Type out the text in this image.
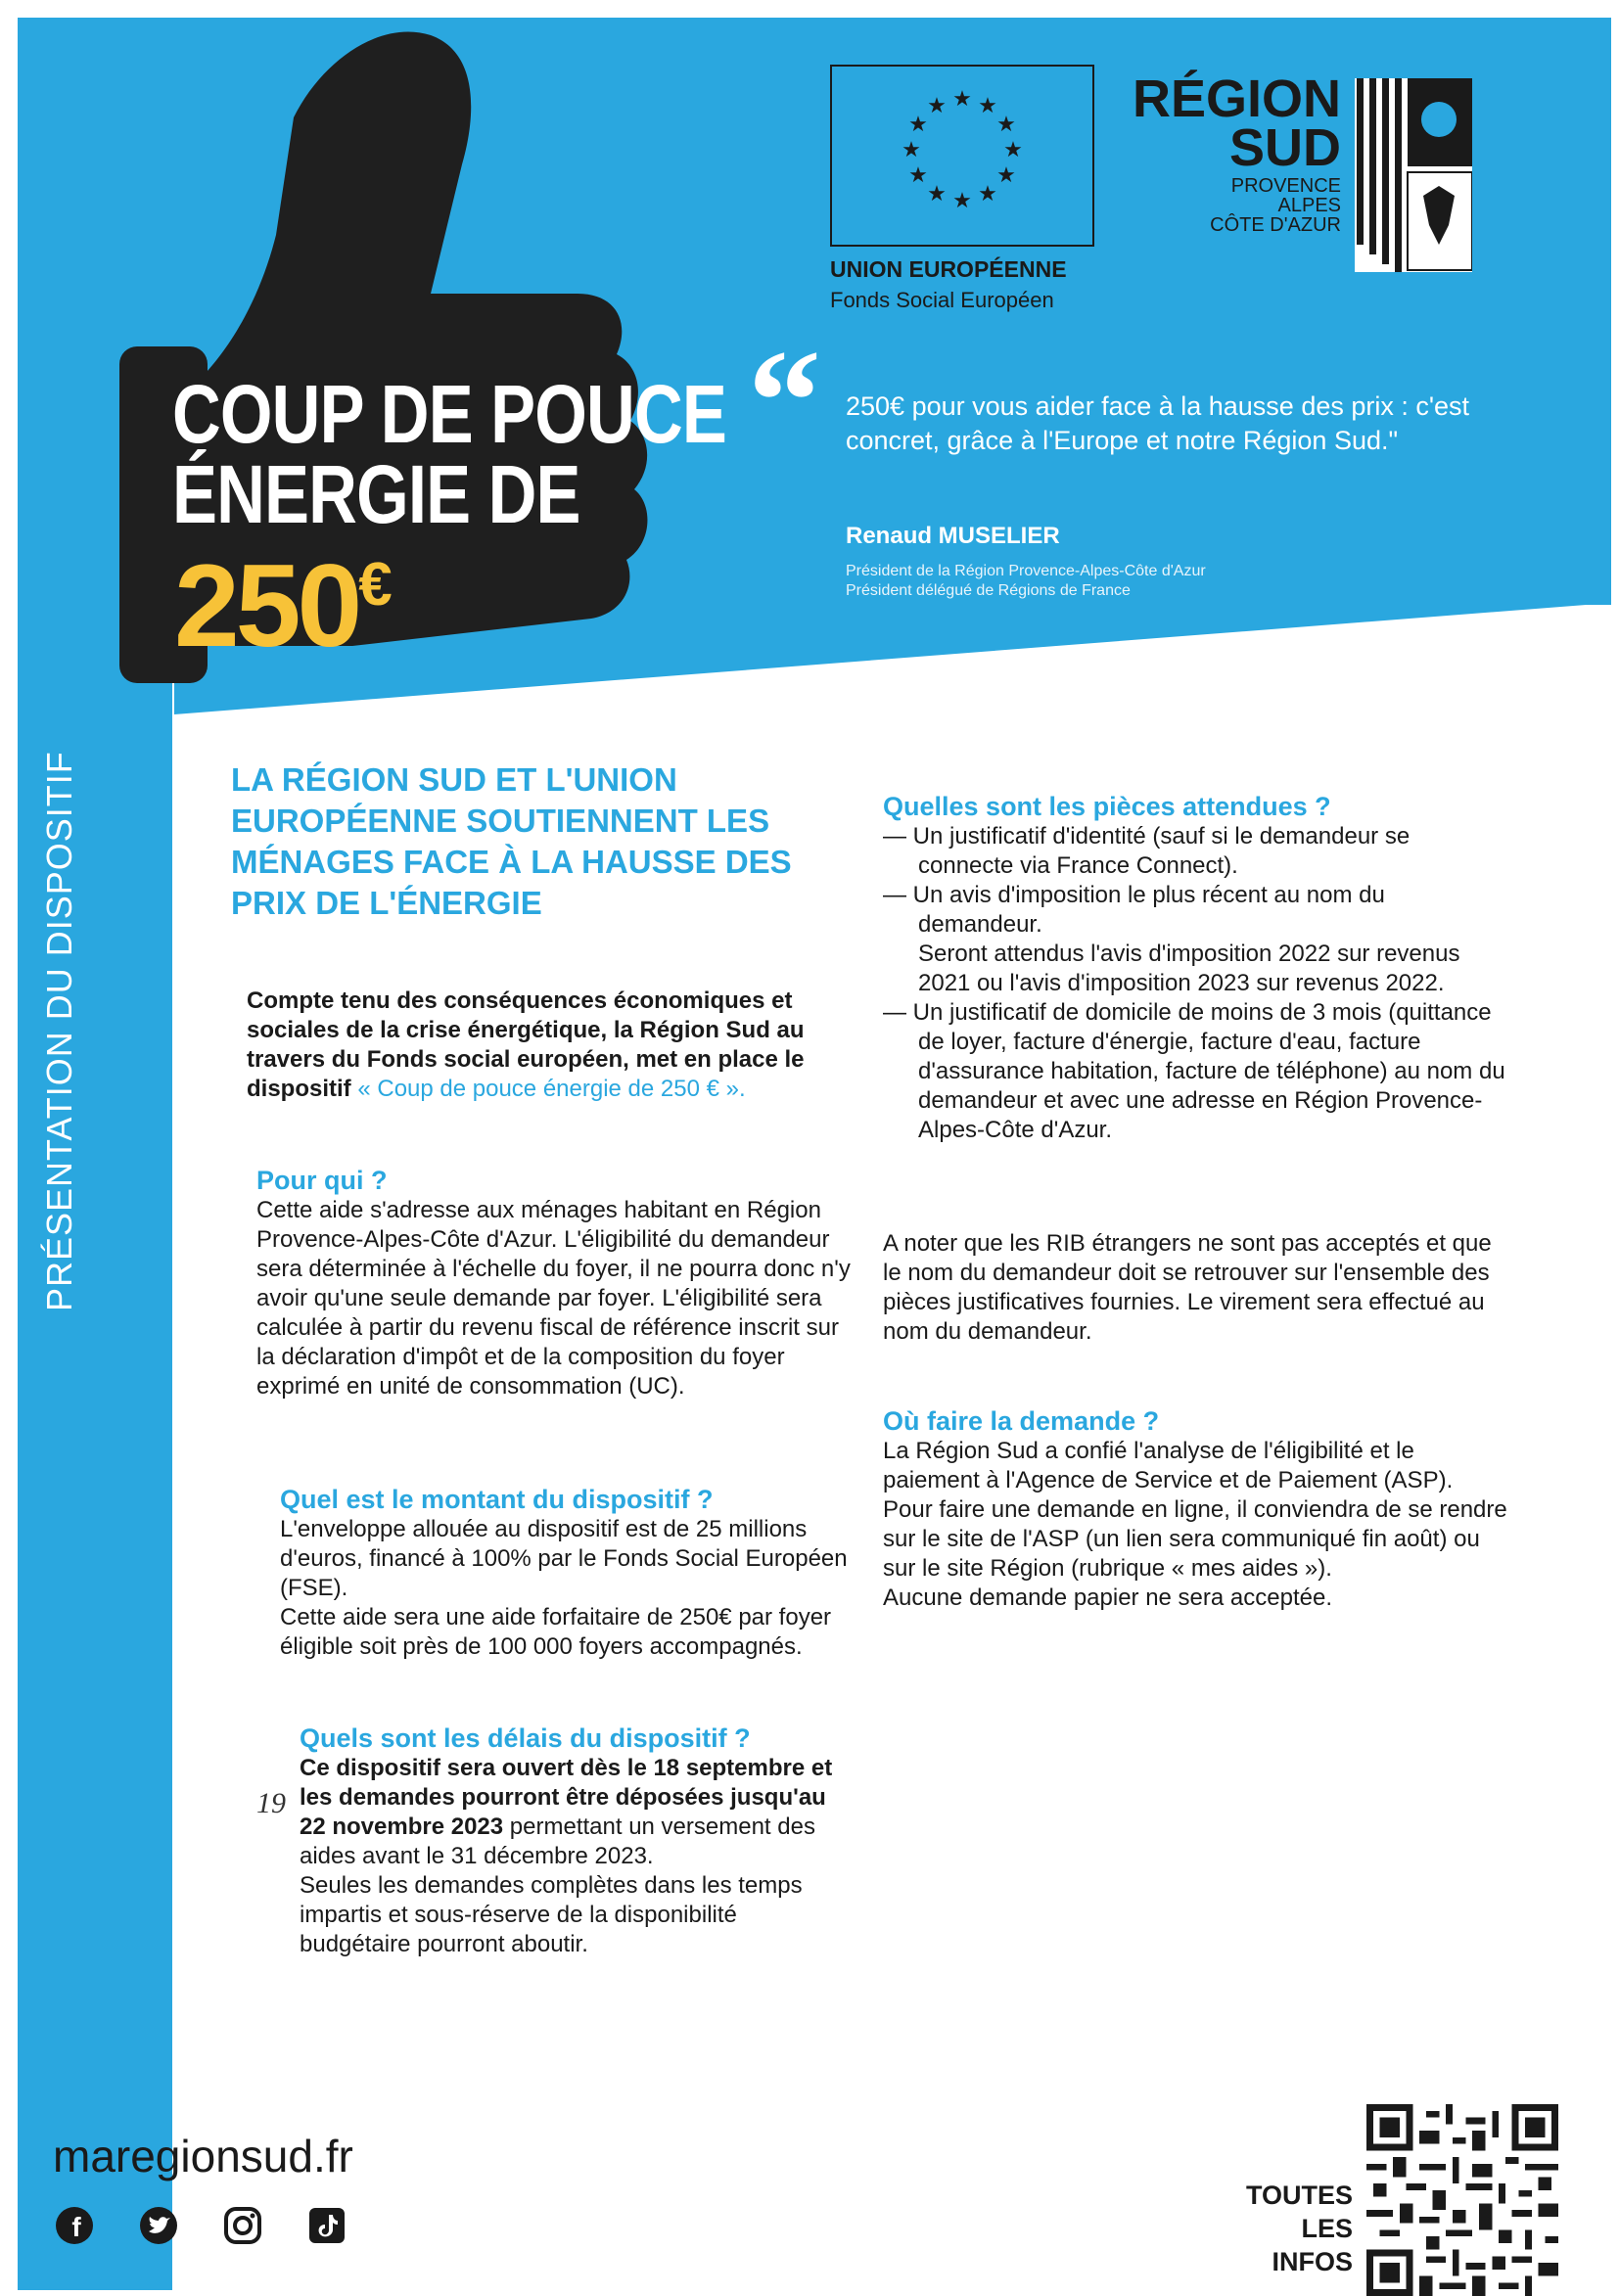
COUP DE POUCE
ÉNERGIE DE
250€
★ ★
★
★
★
★
★
★
★
★
★
★
UNION EUROPÉENNE
Fonds Social Européen
RÉGION
SUD
PROVENCE
ALPES
CÔTE D'AZUR
“ 250€ pour vous aider face à la hausse des prix : c'est concret, grâce à l'Europe et notre Région Sud."
Renaud MUSELIER
Président de la Région Provence-Alpes-Côte d'Azur
Président délégué de Régions de France
PRÉSENTATION DU DISPOSITIF	LA RÉGION SUD ET L'UNION EUROPÉENNE SOUTIENNENT LES MÉNAGES FACE À LA HAUSSE DES PRIX DE L'ÉNERGIE
Compte tenu des conséquences économiques et sociales de la crise énergétique, la Région Sud au travers du Fonds social européen, met en place le dispositif « Coup de pouce énergie de 250 € ».
Pour qui ?

Cette aide s'adresse aux ménages habitant en Région Provence-Alpes-Côte d'Azur. L'éligibilité du demandeur sera déterminée à l'échelle du foyer, il ne pourra donc n'y avoir qu'une seule demande par foyer. L'éligibilité sera calculée à partir du revenu fiscal de référence inscrit sur la déclaration d'impôt et de la composition du foyer exprimé en unité de consommation (UC).

Quel est le montant du dispositif ?

L'enveloppe allouée au dispositif est de 25 millions d'euros, financé à 100% par le Fonds Social Européen (FSE).

Cette aide sera une aide forfaitaire de 250€ par foyer éligible soit près de 100 000 foyers accompagnés.

Quels sont les délais du dispositif ?

Ce dispositif sera ouvert dès le 18 septembre et les demandes pourront être déposées jusqu'au 22 novembre 2023 permettant un versement des aides avant le 31 décembre 2023.

Seules les demandes complètes dans les temps impartis et sous-réserve de la disponibilité budgétaire pourront aboutir.

19
Quelles sont les pièces attendues ?

— Un justificatif d'identité (sauf si le demandeur se connecte via France Connect).

— Un avis d'imposition le plus récent au nom du demandeur.

Seront attendus l'avis d'imposition 2022 sur revenus 2021 ou l'avis d'imposition 2023 sur revenus 2022.

— Un justificatif de domicile de moins de 3 mois (quittance de loyer, facture d'énergie, facture d'eau, facture d'assurance habitation, facture de téléphone) au nom du demandeur et avec une adresse en Région Provence-Alpes-Côte d'Azur.

A noter que les RIB étrangers ne sont pas acceptés et que le nom du demandeur doit se retrouver sur l'ensemble des pièces justificatives fournies. Le virement sera effectué au nom du demandeur.
Où faire la demande ?

La Région Sud a confié l'analyse de l'éligibilité et le paiement à l'Agence de Service et de Paiement (ASP).

Pour faire une demande en ligne, il conviendra de se rendre sur le site de l'ASP (un lien sera communiqué fin août) ou sur le site Région (rubrique « mes aides »).

Aucune demande papier ne sera acceptée.

maregionsud.fr
f
TOUTES
LES INFOS
